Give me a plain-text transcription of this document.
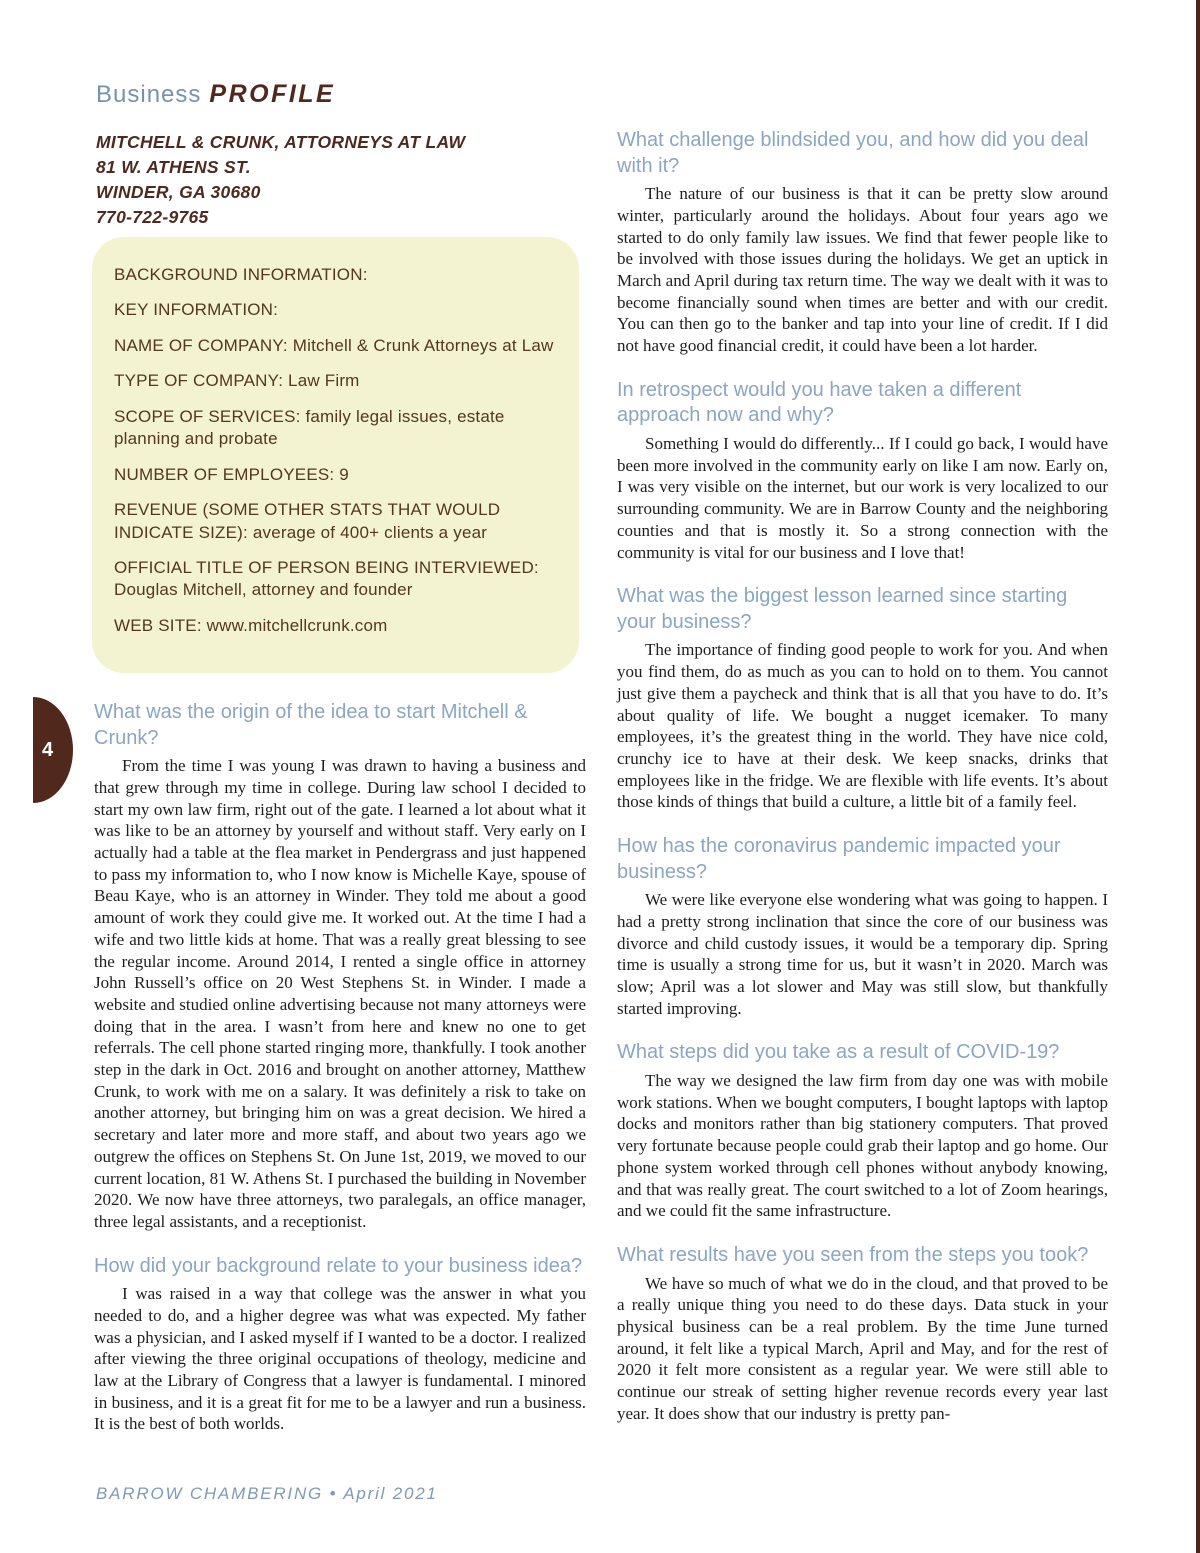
Business PROFILE
MITCHELL & CRUNK, ATTORNEYS AT LAW
81 W. ATHENS ST.
WINDER, GA 30680
770-722-9765
BACKGROUND INFORMATION:
KEY INFORMATION:
NAME OF COMPANY: Mitchell & Crunk Attorneys at Law
TYPE OF COMPANY: Law Firm
SCOPE OF SERVICES: family legal issues, estate planning and probate
NUMBER OF EMPLOYEES: 9
REVENUE (SOME OTHER STATS THAT WOULD INDICATE SIZE): average of 400+ clients a year
OFFICIAL TITLE OF PERSON BEING INTERVIEWED: Douglas Mitchell, attorney and founder
WEB SITE: www.mitchellcrunk.com
4
What was the origin of the idea to start Mitchell & Crunk?

From the time I was young I was drawn to having a business and that grew through my time in college. During law school I decided to start my own law firm, right out of the gate. I learned a lot about what it was like to be an attorney by yourself and without staff. Very early on I actually had a table at the flea market in Pendergrass and just happened to pass my information to, who I now know is Michelle Kaye, spouse of Beau Kaye, who is an attorney in Winder. They told me about a good amount of work they could give me. It worked out. At the time I had a wife and two little kids at home. That was a really great blessing to see the regular income. Around 2014, I rented a single office in attorney John Russell’s office on 20 West Stephens St. in Winder. I made a website and studied online advertising because not many attorneys were doing that in the area. I wasn’t from here and knew no one to get referrals. The cell phone started ringing more, thankfully. I took another step in the dark in Oct. 2016 and brought on another attorney, Matthew Crunk, to work with me on a salary. It was definitely a risk to take on another attorney, but bringing him on was a great decision. We hired a secretary and later more and more staff, and about two years ago we outgrew the offices on Stephens St. On June 1st, 2019, we moved to our current location, 81 W. Athens St. I purchased the building in November 2020. We now have three attorneys, two paralegals, an office manager, three legal assistants, and a receptionist.

How did your background relate to your business idea?

I was raised in a way that college was the answer in what you needed to do, and a higher degree was what was expected. My father was a physician, and I asked myself if I wanted to be a doctor. I realized after viewing the three original occupations of theology, medicine and law at the Library of Congress that a lawyer is fundamental. I minored in business, and it is a great fit for me to be a lawyer and run a business. It is the best of both worlds.

What challenge blindsided you, and how did you deal with it?

The nature of our business is that it can be pretty slow around winter, particularly around the holidays. About four years ago we started to do only family law issues. We find that fewer people like to be involved with those issues during the holidays. We get an uptick in March and April during tax return time. The way we dealt with it was to become financially sound when times are better and with our credit. You can then go to the banker and tap into your line of credit. If I did not have good financial credit, it could have been a lot harder.

In retrospect would you have taken a different approach now and why?

Something I would do differently... If I could go back, I would have been more involved in the community early on like I am now. Early on, I was very visible on the internet, but our work is very localized to our surrounding community. We are in Barrow County and the neighboring counties and that is mostly it. So a strong connection with the community is vital for our business and I love that!

What was the biggest lesson learned since starting your business?

The importance of finding good people to work for you. And when you find them, do as much as you can to hold on to them. You cannot just give them a paycheck and think that is all that you have to do. It’s about quality of life. We bought a nugget icemaker. To many employees, it’s the greatest thing in the world. They have nice cold, crunchy ice to have at their desk. We keep snacks, drinks that employees like in the fridge. We are flexible with life events. It’s about those kinds of things that build a culture, a little bit of a family feel.

How has the coronavirus pandemic impacted your business?

We were like everyone else wondering what was going to happen. I had a pretty strong inclination that since the core of our business was divorce and child custody issues, it would be a temporary dip. Spring time is usually a strong time for us, but it wasn’t in 2020. March was slow; April was a lot slower and May was still slow, but thankfully started improving.

What steps did you take as a result of COVID-19?

The way we designed the law firm from day one was with mobile work stations. When we bought computers, I bought laptops with laptop docks and monitors rather than big stationery computers. That proved very fortunate because people could grab their laptop and go home. Our phone system worked through cell phones without anybody knowing, and that was really great. The court switched to a lot of Zoom hearings, and we could fit the same infrastructure.

What results have you seen from the steps you took?

We have so much of what we do in the cloud, and that proved to be a really unique thing you need to do these days. Data stuck in your physical business can be a real problem. By the time June turned around, it felt like a typical March, April and May, and for the rest of 2020 it felt more consistent as a regular year. We were still able to continue our streak of setting higher revenue records every year last year. It does show that our industry is pretty pan-

BARROW CHAMBERING • April 2021
